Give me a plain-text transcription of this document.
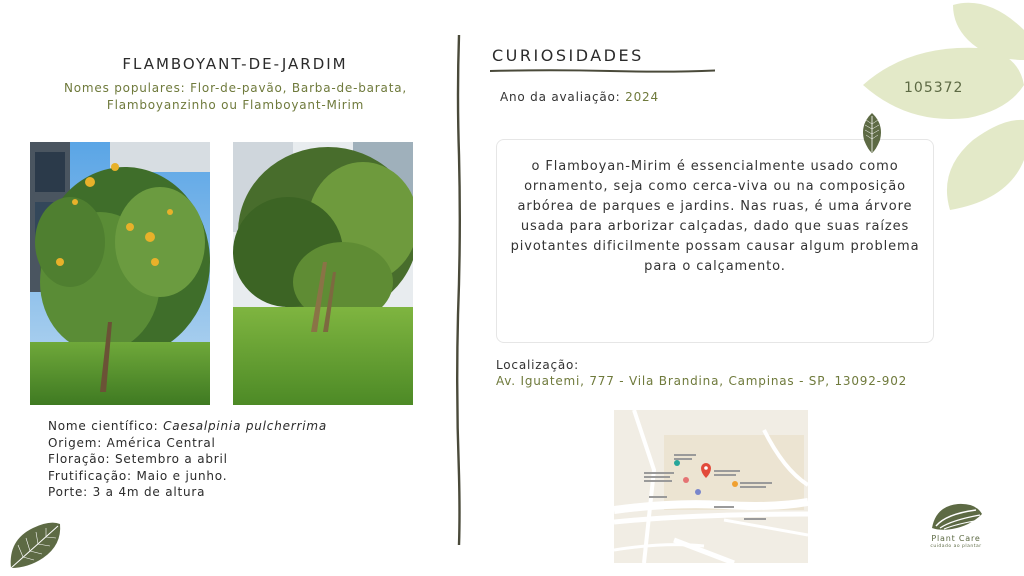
FLAMBOYANT-DE-JARDIM
Nomes populares: Flor-de-pavão, Barba-de-barata,
Flamboyanzinho ou Flamboyant-Mirim
Nome científico: Caesalpinia pulcherrima
Origem: América Central
Floração: Setembro a abril
Frutificação: Maio e junho.
Porte: 3 a 4m de altura
CURIOSIDADES
Ano da avaliação: 2024

o Flamboyan-Mirim é essencialmente usado como ornamento, seja como cerca-viva ou na composição arbórea de parques e jardins. Nas ruas, é uma árvore usada para arborizar calçadas, dado que suas raízes pivotantes dificilmente possam causar algum problema para o calçamento.

Localização:
Av. Iguatemi, 777 - Vila Brandina, Campinas - SP, 13092-902
105372
Plant Care
cuidado ao plantar
